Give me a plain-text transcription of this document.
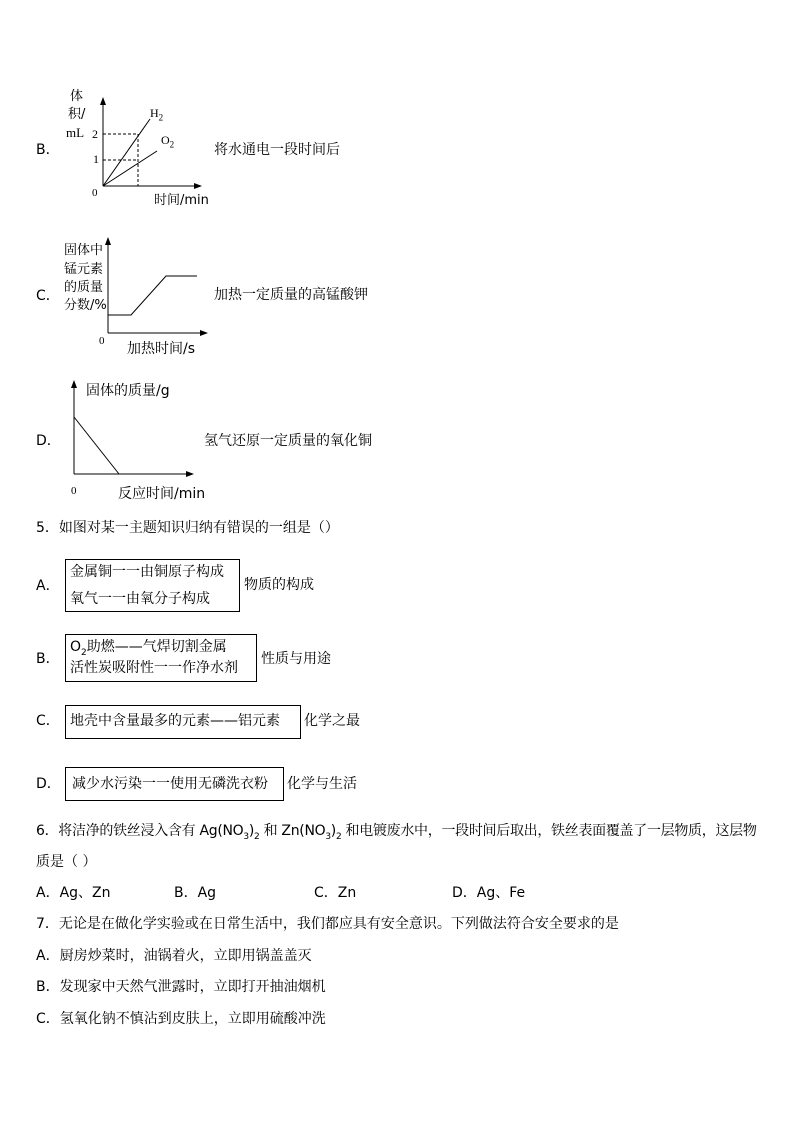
B．
体
积/
mL 2
1
0	时间/min
$H_2$
$O_2$	将水通电一段时间后
C．
固体中
锰元素
的质量
分数/%
0 加热时间/s
加热一定质量的高锰酸钾
D．
固体的质量/g
0	反应时间/min
氢气还原一定质量的氧化铜
5．如图对某一主题知识归纳有错误的一组是（）
A．
金属铜一一由铜原子构成
氧气一一由氧分子构成
物质的构成
B．
$O_2$助燃——气焊切割金属
活性炭吸附性一一作净水剂
性质与用途
C． 地壳中含量最多的元素——铝元素 化学之最
D． 减少水污染一一使用无磷洗衣粉 化学与生活
6．将洁净的铁丝浸入含有 $Ag(NO_3)_2$ 和 $Zn(NO_3)_2$ 和电镀废水中，一段时间后取出，铁丝表面覆盖了一层物质，这层物
质是（ ）
A．Ag、Zn	B．Ag	C．Zn	D．Ag、Fe
7．无论是在做化学实验或在日常生活中，我们都应具有安全意识。下列做法符合安全要求的是
A．厨房炒菜时，油锅着火，立即用锅盖盖灭
B．发现家中天然气泄露时，立即打开抽油烟机
C．氢氧化钠不慎沾到皮肤上，立即用硫酸冲洗
